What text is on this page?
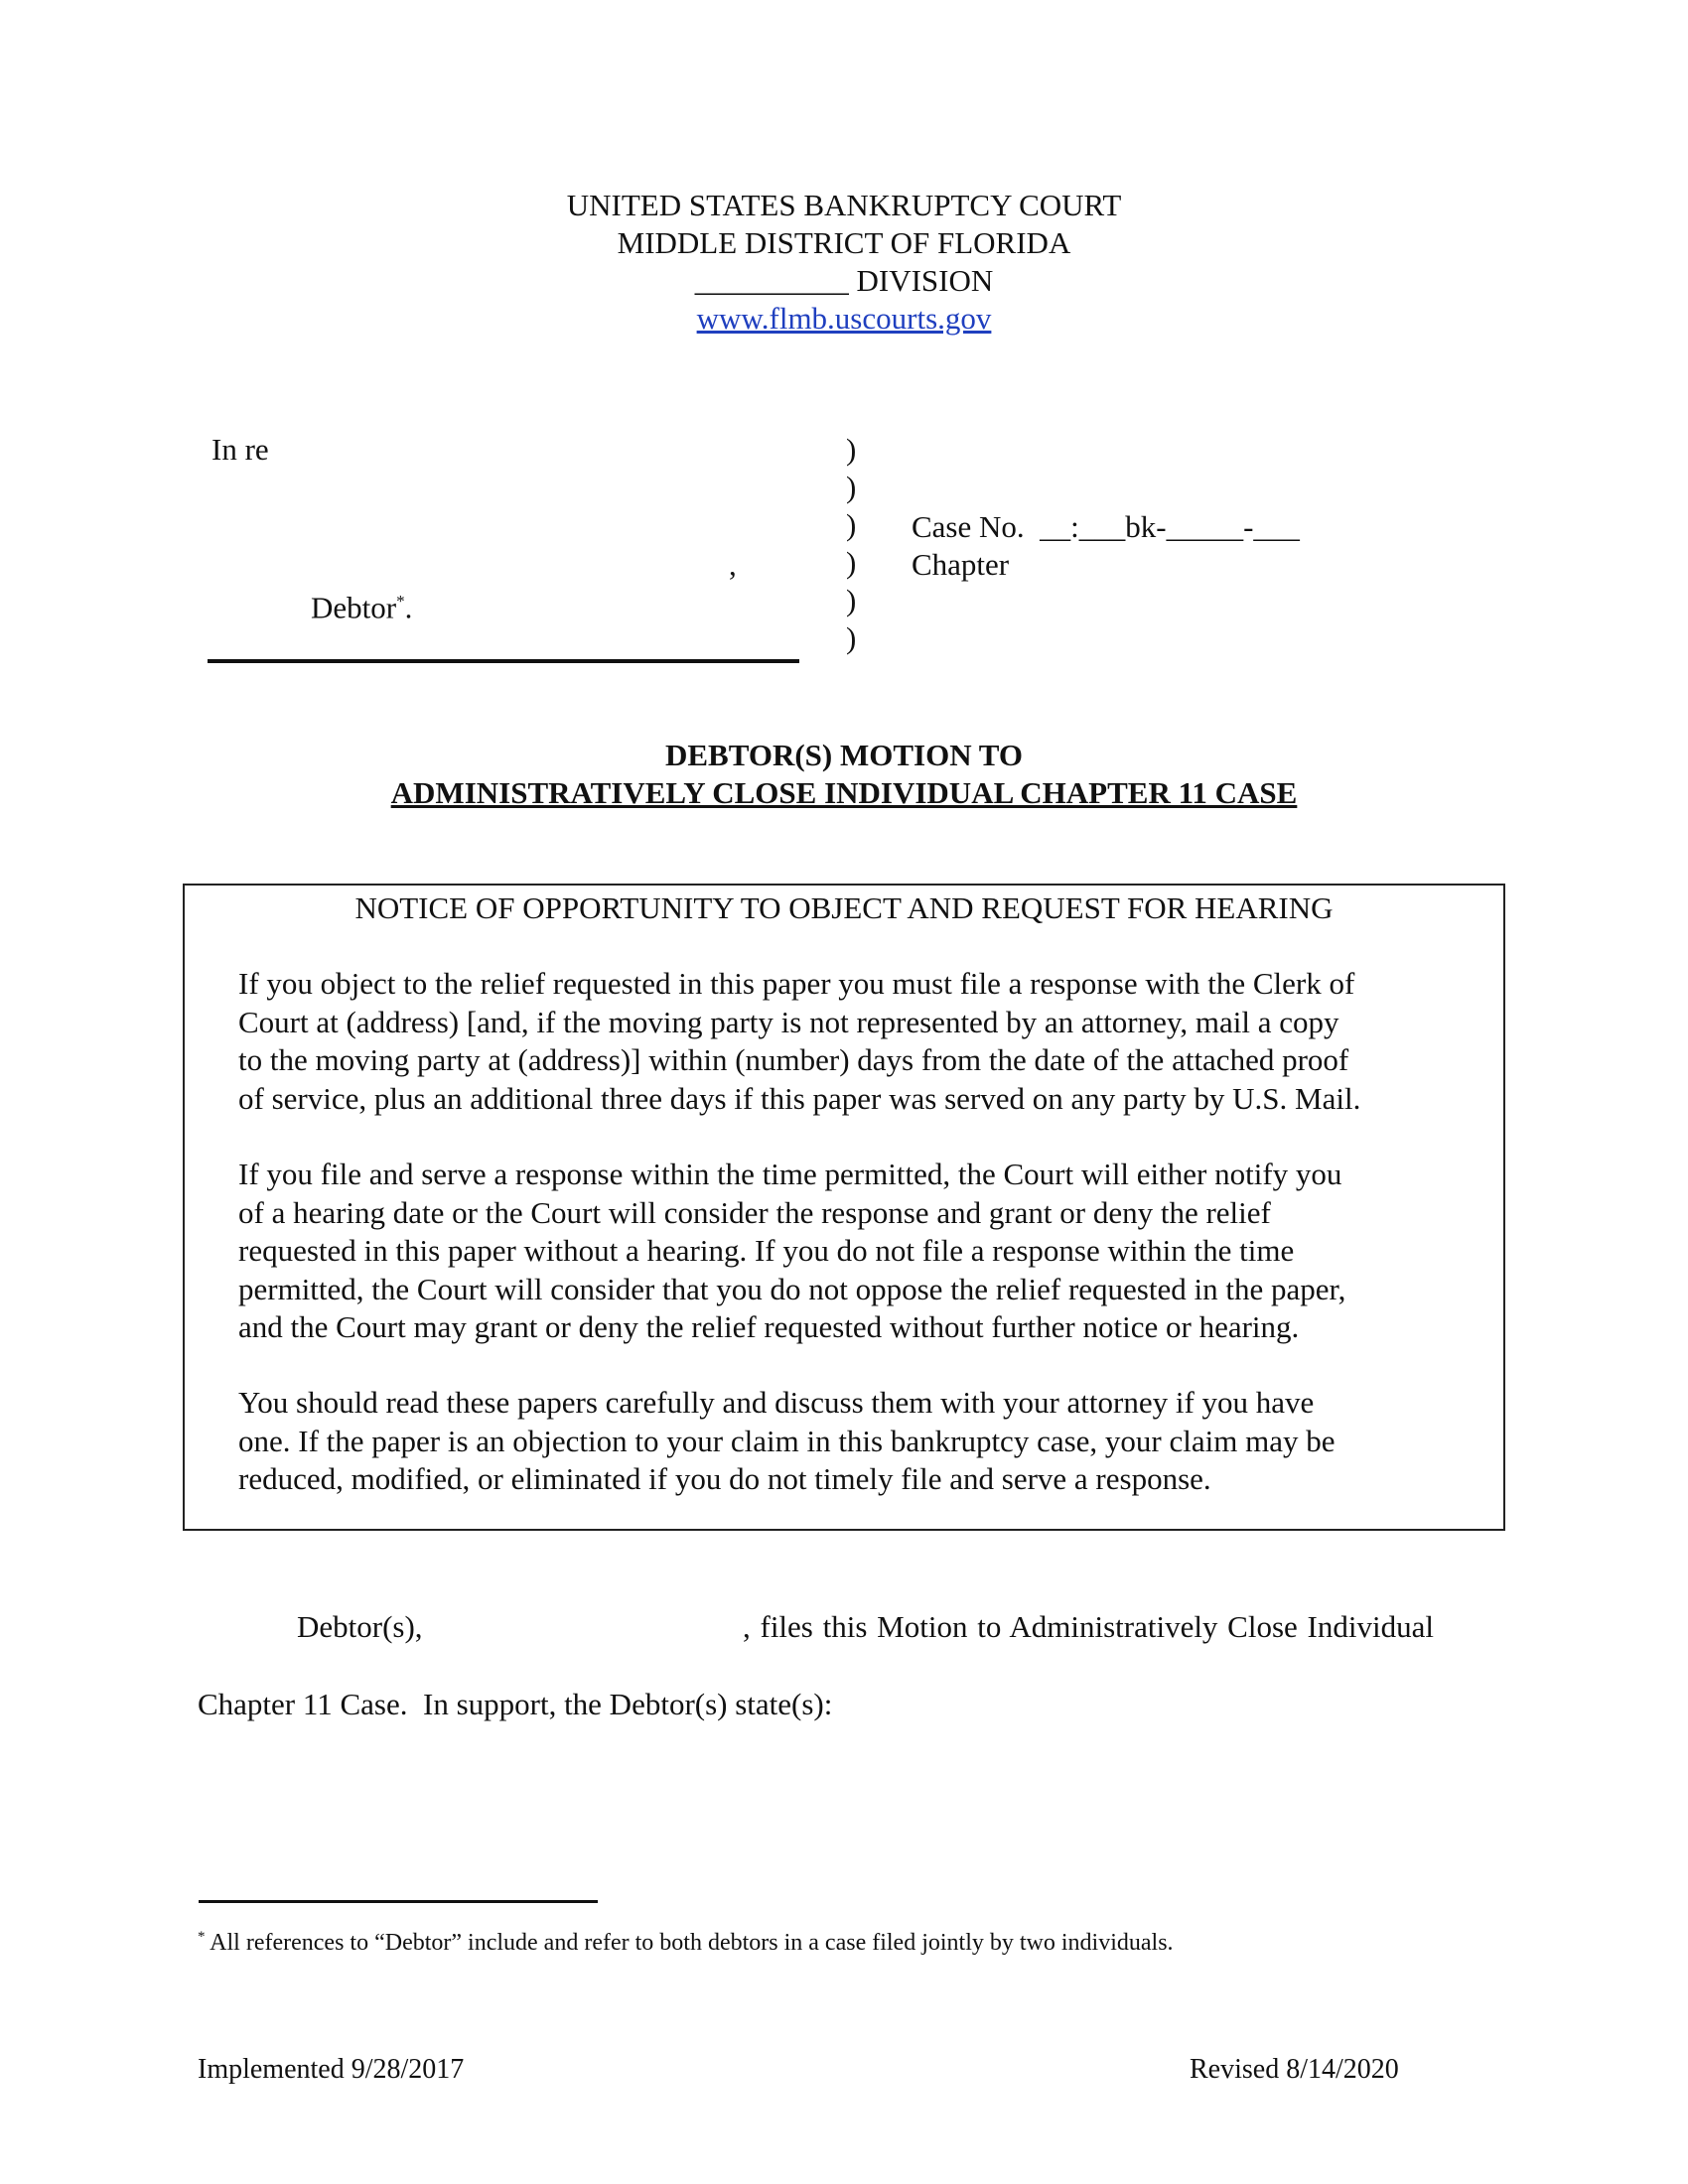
UNITED STATES BANKRUPTCY COURT
MIDDLE DISTRICT OF FLORIDA
__________ DIVISION
www.flmb.uscourts.gov
In re
,
Debtor*.
)
)
)
)
)
)
Case No.  __:___bk-_____-___
Chapter
DEBTOR(S) MOTION TO
ADMINISTRATIVELY CLOSE INDIVIDUAL CHAPTER 11 CASE
NOTICE OF OPPORTUNITY TO OBJECT AND REQUEST FOR HEARING
If you object to the relief requested in this paper you must file a response with the Clerk of
Court at (address) [and, if the moving party is not represented by an attorney, mail a copy
to the moving party at (address)] within (number) days from the date of the attached proof
of service, plus an additional three days if this paper was served on any party by U.S. Mail.
If you file and serve a response within the time permitted, the Court will either notify you
of a hearing date or the Court will consider the response and grant or deny the relief
requested in this paper without a hearing. If you do not file a response within the time
permitted, the Court will consider that you do not oppose the relief requested in the paper,
and the Court may grant or deny the relief requested without further notice or hearing.
You should read these papers carefully and discuss them with your attorney if you have
one. If the paper is an objection to your claim in this bankruptcy case, your claim may be
reduced, modified, or eliminated if you do not timely file and serve a response.
Debtor(s),	, files this Motion to Administratively Close Individual
Chapter 11 Case.  In support, the Debtor(s) state(s):
* All references to “Debtor” include and refer to both debtors in a case filed jointly by two individuals.
Implemented 9/28/2017	Revised 8/14/2020
